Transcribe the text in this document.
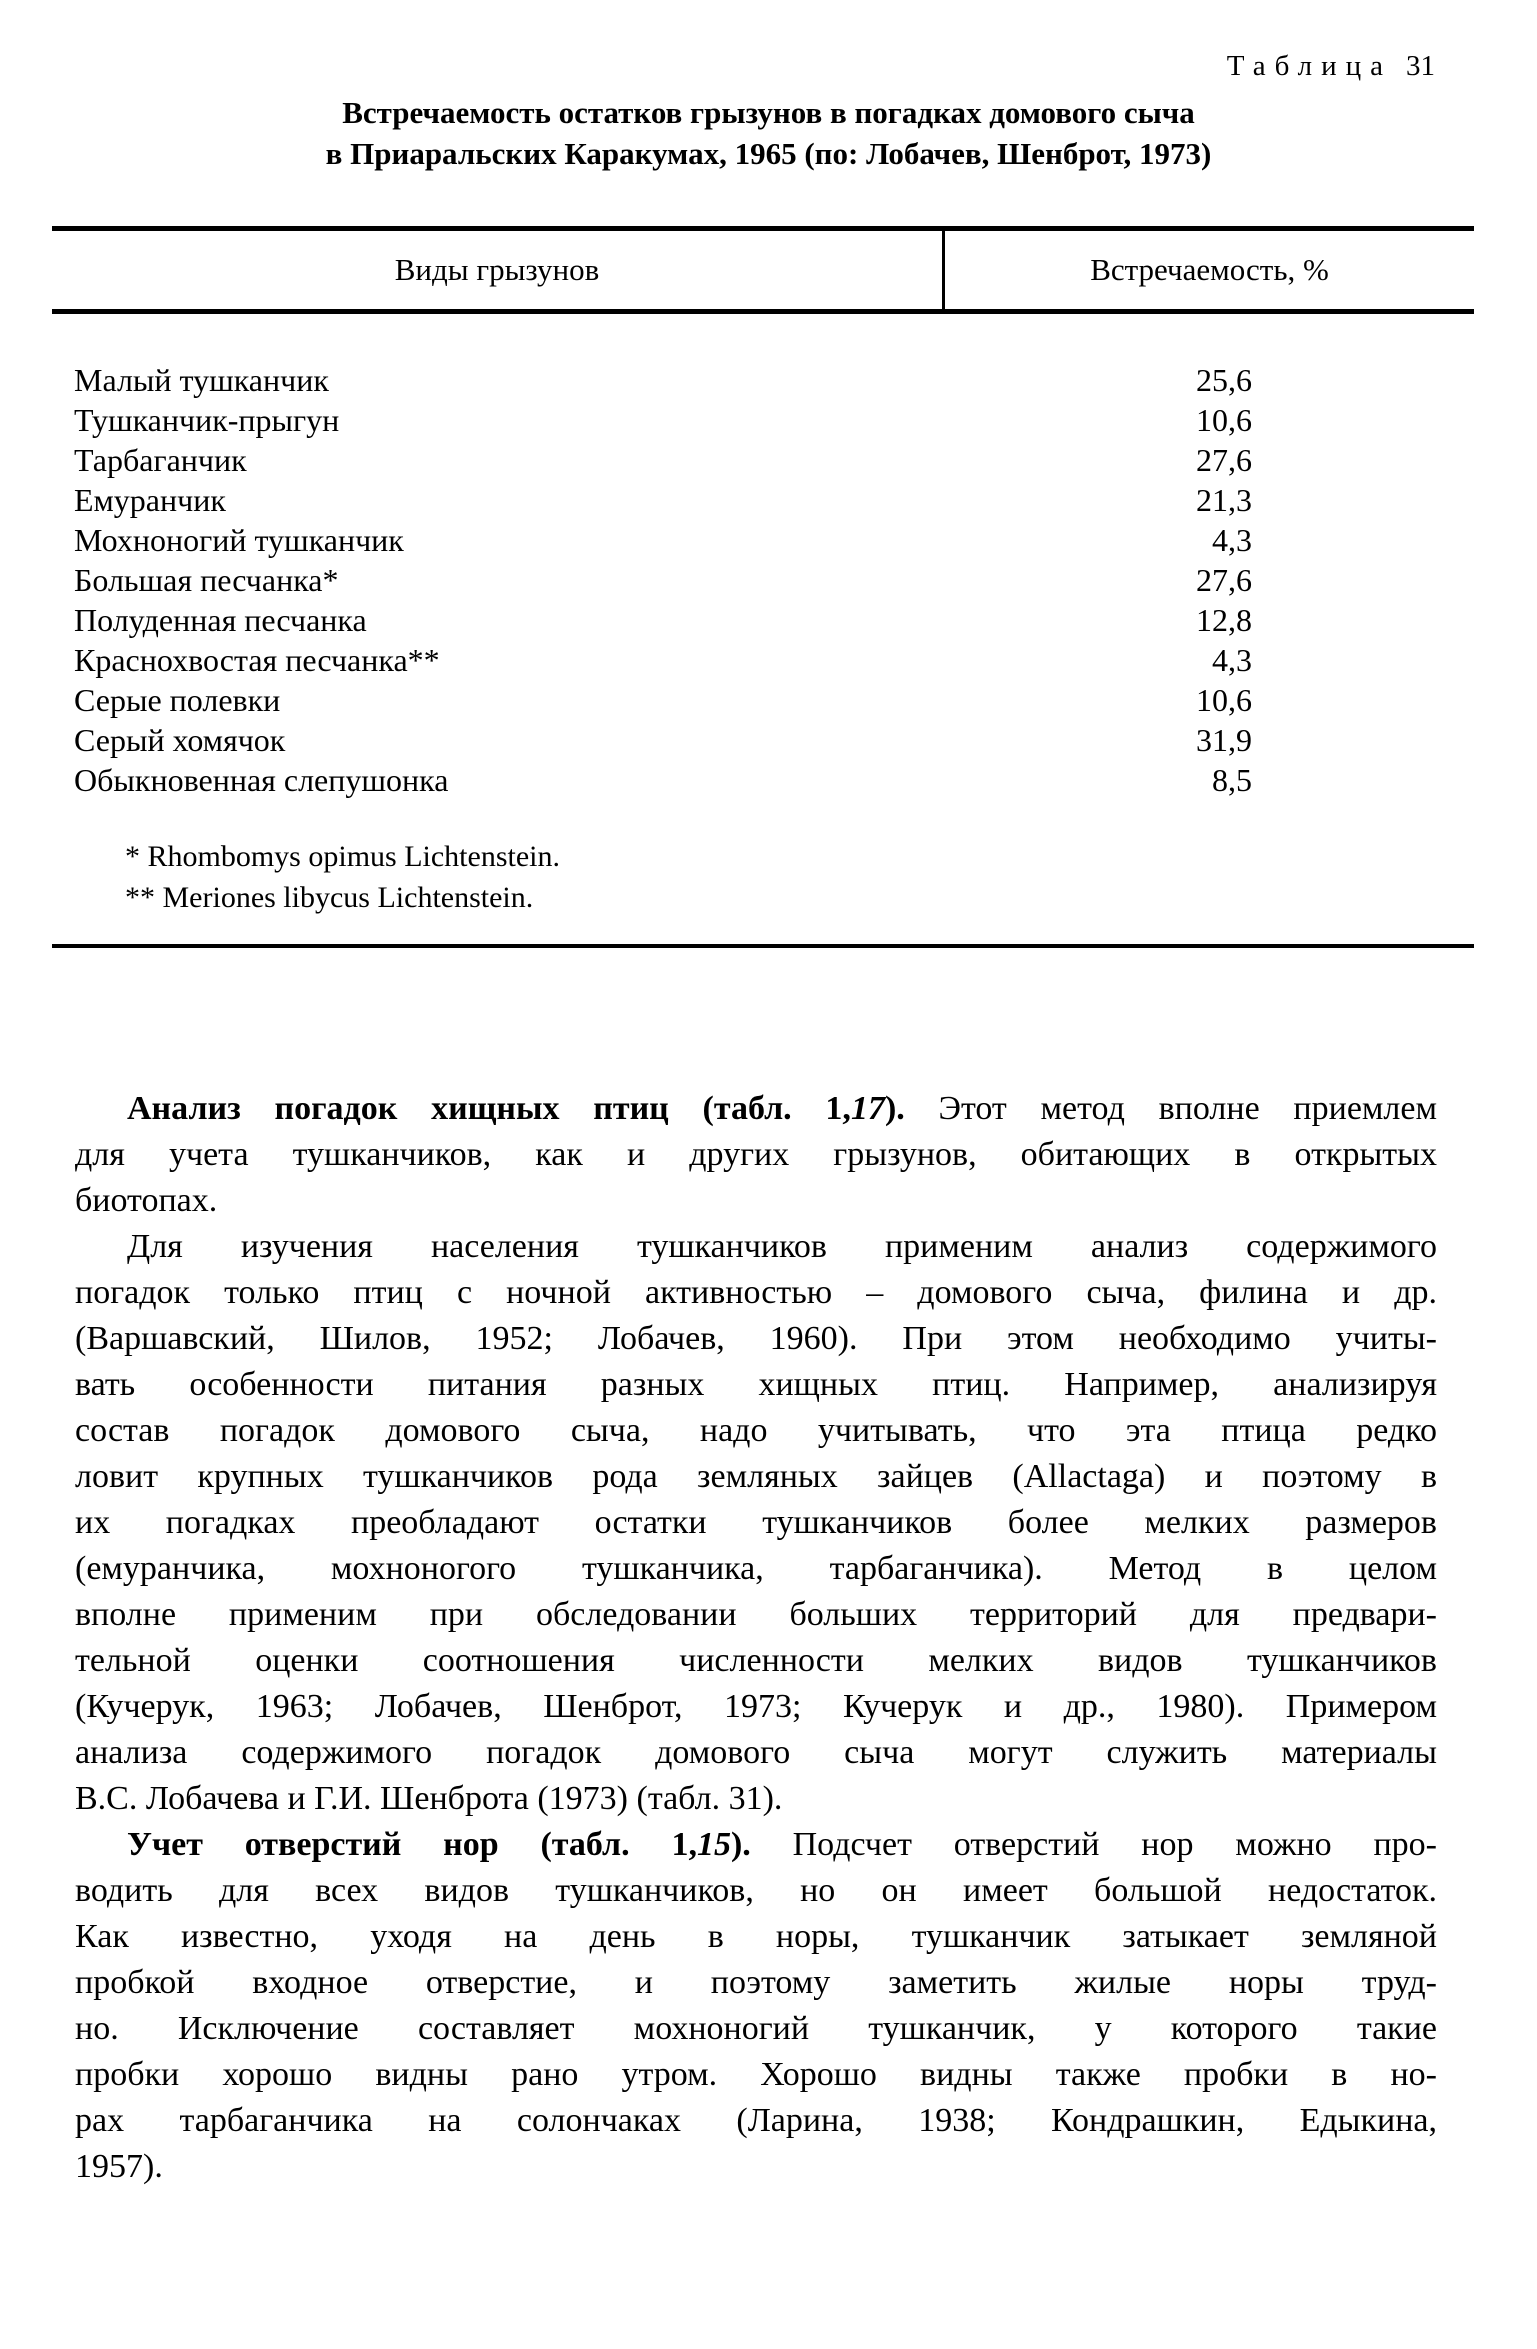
Таблица 31
Встречаемость остатков грызунов в погадках домового сыча
в Приаральских Каракумах, 1965 (по: Лобачев, Шенброт, 1973)
Виды грызунов	Встречаемость, %
Малый тушканчик	25,6
Тушканчик-прыгун	10,6
Тарбаганчик	27,6
Емуранчик	21,3
Мохноногий тушканчик	4,3
Большая песчанка*	27,6
Полуденная песчанка	12,8
Краснохвостая песчанка**	4,3
Серые полевки	10,6
Серый хомячок	31,9
Обыкновенная слепушонка	8,5
* Rhombomys opimus Lichtenstein.
** Meriones libycus Lichtenstein.
Анализ погадок хищных птиц (табл. 1,17). Этот метод вполне приемлем
для учета тушканчиков, как и других грызунов, обитающих в открытых
биотопах.
Для изучения населения тушканчиков применим анализ содержимого
погадок только птиц с ночной активностью – домового сыча, филина и др.
(Варшавский, Шилов, 1952; Лобачев, 1960). При этом необходимо учиты-
вать особенности питания разных хищных птиц. Например, анализируя
состав погадок домового сыча, надо учитывать, что эта птица редко
ловит крупных тушканчиков рода земляных зайцев (Allactaga) и поэтому в
их погадках преобладают остатки тушканчиков более мелких размеров
(емуранчика, мохноногого тушканчика, тарбаганчика). Метод в целом
вполне применим при обследовании больших территорий для предвари-
тельной оценки соотношения численности мелких видов тушканчиков
(Кучерук, 1963; Лобачев, Шенброт, 1973; Кучерук и др., 1980). Примером
анализа содержимого погадок домового сыча могут служить материалы
В.С. Лобачева и Г.И. Шенброта (1973) (табл. 31).
Учет отверстий нор (табл. 1,15). Подсчет отверстий нор можно про-
водить для всех видов тушканчиков, но он имеет большой недостаток.
Как известно, уходя на день в норы, тушканчик затыкает земляной
пробкой входное отверстие, и поэтому заметить жилые норы труд-
но. Исключение составляет мохноногий тушканчик, у которого такие
пробки хорошо видны рано утром. Хорошо видны также пробки в но-
рах тарбаганчика на солончаках (Ларина, 1938; Кондрашкин, Едыкина,
1957).
